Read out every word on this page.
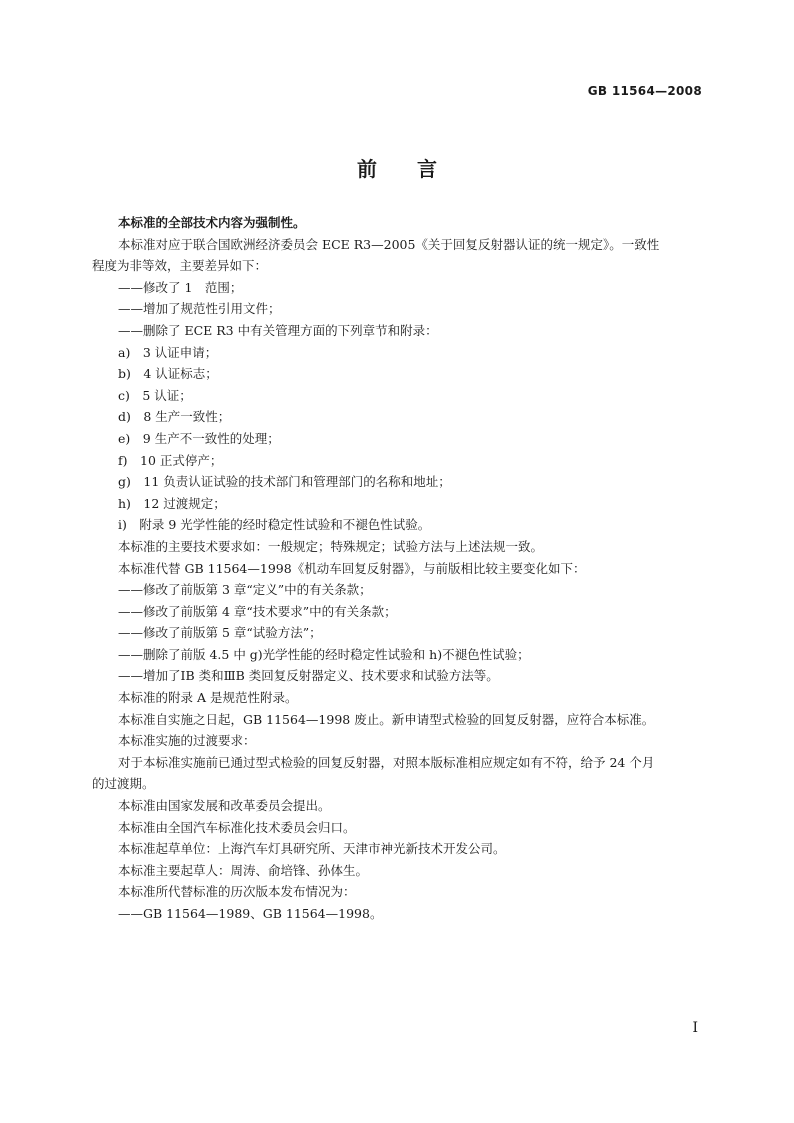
GB 11564—2008
前言
本标准的全部技术内容为强制性。
本标准对应于联合国欧洲经济委员会 ECE R3—2005《关于回复反射器认证的统一规定》。一致性
程度为非等效，主要差异如下：
——修改了 1　范围；
——增加了规范性引用文件；
——删除了 ECE R3 中有关管理方面的下列章节和附录：
a)　3 认证申请；
b)　4 认证标志；
c)　5 认证；
d)　8 生产一致性；
e)　9 生产不一致性的处理；
f)　10 正式停产；
g)　11 负责认证试验的技术部门和管理部门的名称和地址；
h)　12 过渡规定；
i)　附录 9 光学性能的经时稳定性试验和不褪色性试验。
本标准的主要技术要求如：一般规定；特殊规定；试验方法与上述法规一致。
本标准代替 GB 11564—1998《机动车回复反射器》，与前版相比较主要变化如下：
——修改了前版第 3 章“定义”中的有关条款；
——修改了前版第 4 章“技术要求”中的有关条款；
——修改了前版第 5 章“试验方法”；
——删除了前版 4.5 中 g)光学性能的经时稳定性试验和 h)不褪色性试验；
——增加了ⅠB 类和ⅢB 类回复反射器定义、技术要求和试验方法等。
本标准的附录 A 是规范性附录。
本标准自实施之日起，GB 11564—1998 废止。新申请型式检验的回复反射器，应符合本标准。
本标准实施的过渡要求：
对于本标准实施前已通过型式检验的回复反射器，对照本版标准相应规定如有不符，给予 24 个月
的过渡期。
本标准由国家发展和改革委员会提出。
本标准由全国汽车标准化技术委员会归口。
本标准起草单位：上海汽车灯具研究所、天津市神光新技术开发公司。
本标准主要起草人：周涛、俞培锋、孙体生。
本标准所代替标准的历次版本发布情况为：
——GB 11564—1989、GB 11564—1998。
I
